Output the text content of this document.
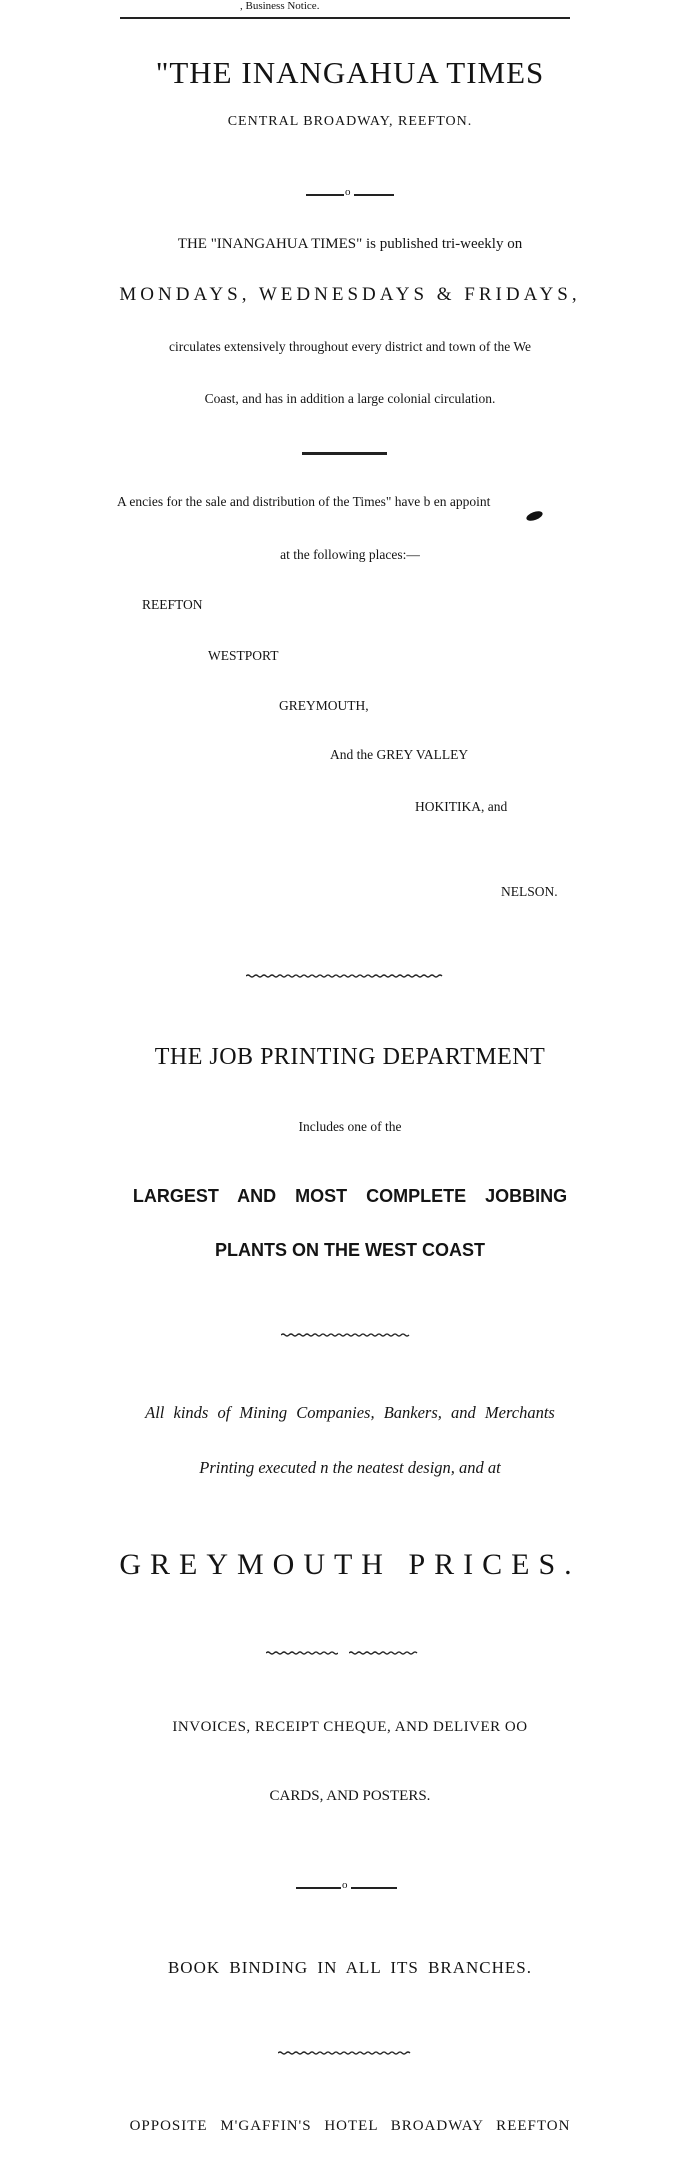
, Business Notice.
"THE INANGAHUA TIMES
CENTRAL BROADWAY, REEFTON.
o
THE "INANGAHUA TIMES" is published tri-weekly on
MONDAYS, WEDNESDAYS & FRIDAYS,
circulates extensively throughout every district and town of the We
Coast, and has in addition a large colonial circulation.
A encies for the sale and distribution of the Times" have b en appoint
at the following places:—
REEFTON
WESTPORT
GREYMOUTH,
And the GREY VALLEY
HOKITIKA, and
NELSON.
THE JOB PRINTING DEPARTMENT
Includes one of the
LARGEST AND MOST COMPLETE JOBBING
PLANTS ON THE WEST COAST
All kinds of Mining Companies, Bankers, and Merchants
Printing executed n the neatest design, and at
GREYMOUTH PRICES.
INVOICES, RECEIPT CHEQUE, AND DELIVER OO
CARDS, AND POSTERS.
o
BOOK BINDING IN ALL ITS BRANCHES.
OPPOSITE M'GAFFIN'S HOTEL BROADWAY REEFTON
